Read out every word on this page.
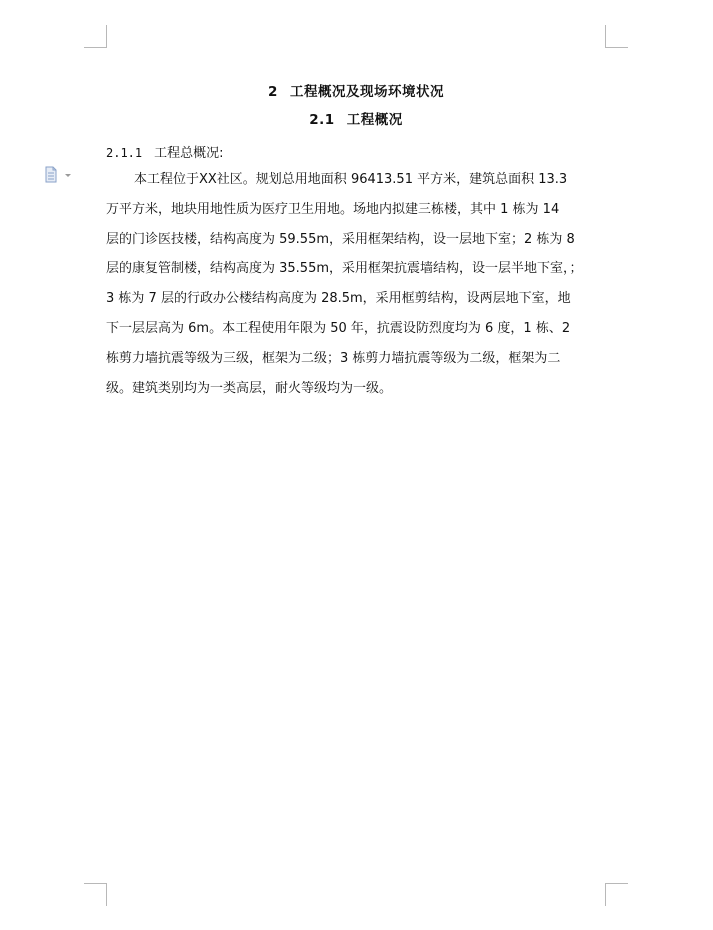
2 工程概况及现场环境状况
2.1 工程概况
2.1.1 工程总概况:
本工程位于XX社区。规划总用地面积 96413.51 平方米，建筑总面积 13.3
万平方米，地块用地性质为医疗卫生用地。场地内拟建三栋楼，其中 1 栋为 14
层的门诊医技楼，结构高度为 59.55m，采用框架结构，设一层地下室；2 栋为 8
层的康复管制楼，结构高度为 35.55m，采用框架抗震墙结构，设一层半地下室，；
3 栋为 7 层的行政办公楼结构高度为 28.5m，采用框剪结构，设两层地下室，地
下一层层高为 6m。本工程使用年限为 50 年，抗震设防烈度均为 6 度，1 栋、2
栋剪力墙抗震等级为三级，框架为二级；3 栋剪力墙抗震等级为二级，框架为二
级。建筑类别均为一类高层，耐火等级均为一级。
